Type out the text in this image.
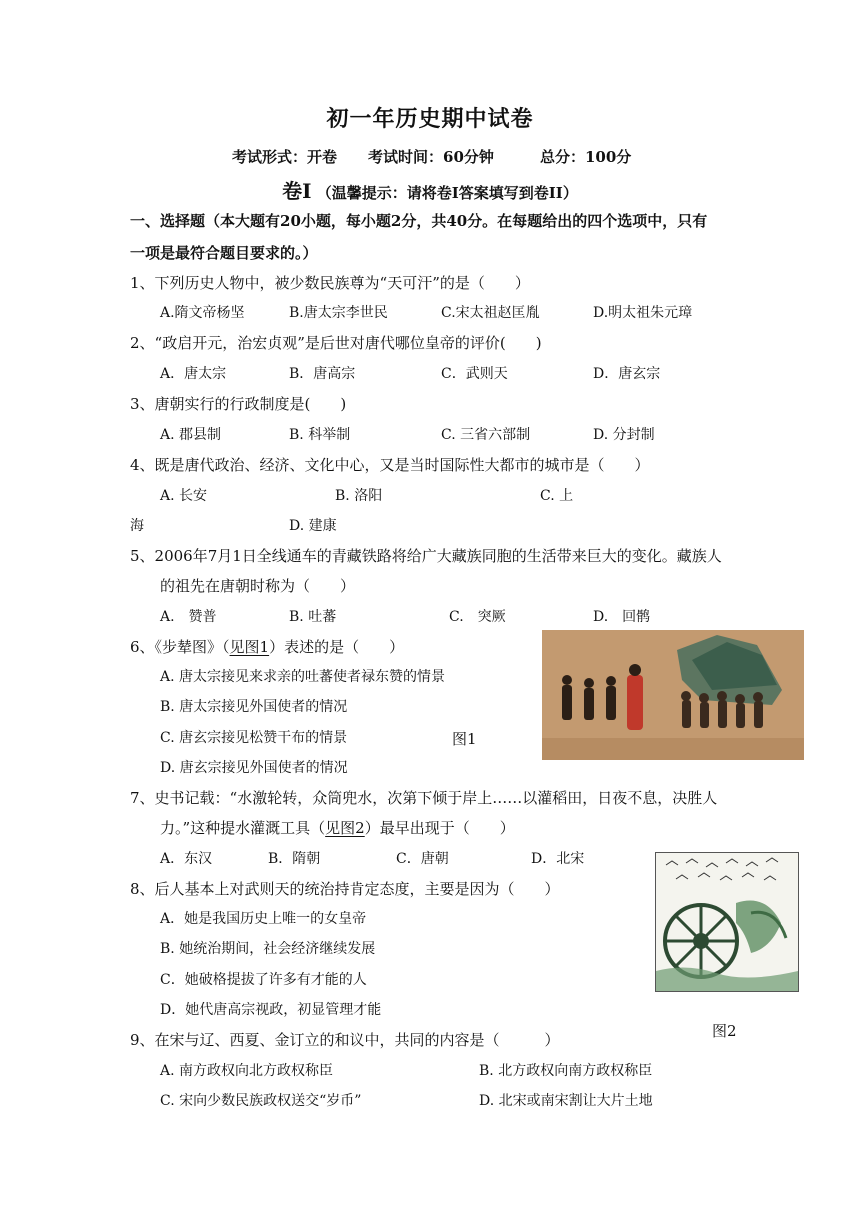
初一年历史期中试卷
考试形式：开卷 考试时间：60分钟	总分：100分
卷I （温馨提示：请将卷I答案填写到卷II）
一、选择题（本大题有20小题，每小题2分，共40分。在每题给出的四个选项中，只有
一项是最符合题目要求的。）
1、下列历史人物中，被少数民族尊为“天可汗”的是（　　）
A.隋文帝杨坚	B.唐太宗李世民	C.宋太祖赵匡胤	D.明太祖朱元璋
2、“政启开元，治宏贞观”是后世对唐代哪位皇帝的评价(　　)
A．唐太宗	B．唐高宗	C．武则天	D．唐玄宗
3、唐朝实行的行政制度是(　　)
A. 郡县制	B. 科举制	C. 三省六部制	D. 分封制
4、既是唐代政治、经济、文化中心，又是当时国际性大都市的城市是（　　）
A. 长安	B. 洛阳	C. 上
海	D. 建康
5、2006年7月1日全线通车的青藏铁路将给广大藏族同胞的生活带来巨大的变化。藏族人
的祖先在唐朝时称为（　　）
A.　赞普	B. 吐蕃	C.　突厥	D.　回鹘
6、《步辇图》（见图1）表述的是（　　）
A. 唐太宗接见来求亲的吐蕃使者禄东赞的情景
B. 唐太宗接见外国使者的情况
C. 唐玄宗接见松赞干布的情景
D. 唐玄宗接见外国使者的情况
图1
7、史书记载：“水激轮转，众筒兜水，次第下倾于岸上……以灌稻田，日夜不息，决胜人
力。”这种提水灌溉工具（见图2）最早出现于（　　）
A．东汉	B．隋朝	C．唐朝	D．北宋
8、后人基本上对武则天的统治持肯定态度，主要是因为（　　）
A．她是我国历史上唯一的女皇帝
B. 她统治期间，社会经济继续发展
C．她破格提拔了许多有才能的人
D．她代唐高宗视政，初显管理才能
图2
9、在宋与辽、西夏、金订立的和议中，共同的内容是（　　　）
A. 南方政权向北方政权称臣	B. 北方政权向南方政权称臣
C. 宋向少数民族政权送交“岁币”	D. 北宋或南宋割让大片土地
